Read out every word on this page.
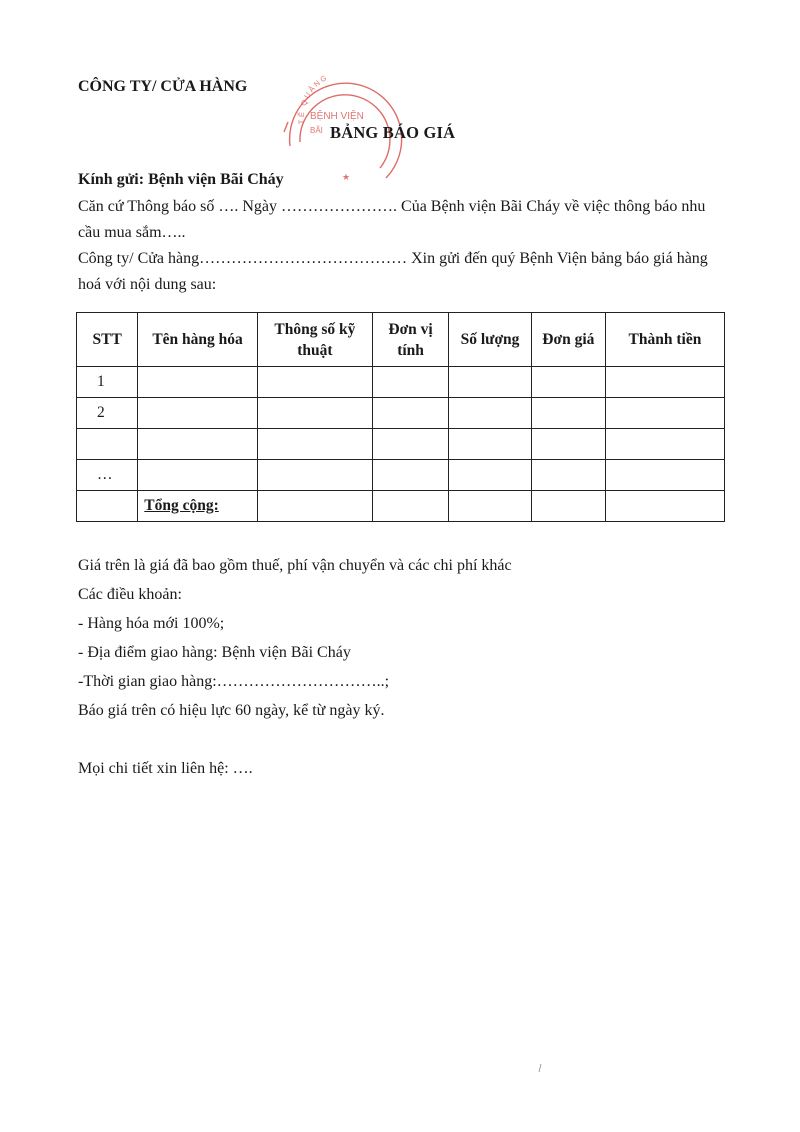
CÔNG TY/ CỬA HÀNG
TẾ QUẢNG
BỆNH VIỆN
BÃI
★
BẢNG BÁO GIÁ
Kính gửi: Bệnh viện Bãi Cháy
Căn cứ Thông báo số …. Ngày …………………. Của Bệnh viện Bãi Cháy về việc thông báo nhu cầu mua sắm…..
Công ty/ Cửa hàng………………………………… Xin gửi đến quý Bệnh Viện bảng báo giá hàng hoá với nội dung sau:
STT	Tên hàng hóa	Thông số kỹ thuật	Đơn vị tính	Số lượng	Đơn giá	Thành tiền
1						
2						

…						
	Tổng cộng:					
Giá trên là giá đã bao gồm thuế, phí vận chuyển và các chi phí khác
Các điều khoản:
- Hàng hóa mới 100%;
- Địa điểm giao hàng: Bệnh viện Bãi Cháy
-Thời gian giao hàng:…………………………..;
Báo giá trên có hiệu lực 60 ngày, kể từ ngày ký.
Mọi chi tiết xin liên hệ: ….
